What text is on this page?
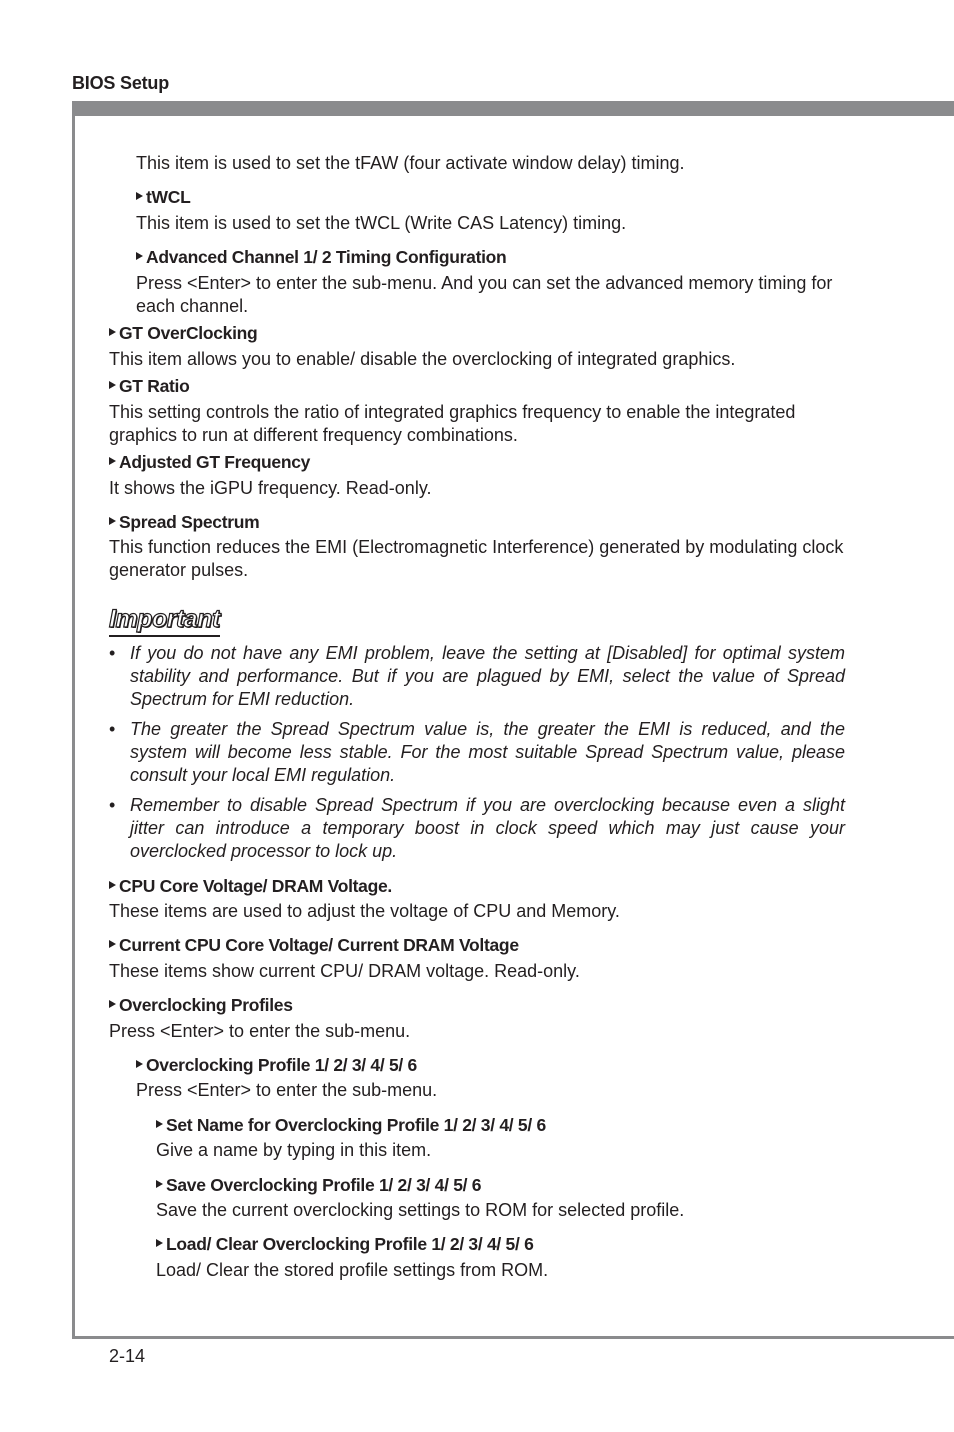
BIOS Setup
This item is used to set the tFAW (four activate window delay) timing.
tWCL
This item is used to set the tWCL (Write CAS Latency) timing.
Advanced Channel 1/ 2 Timing Configuration
Press <Enter> to enter the sub-menu. And you can set the advanced memory timing for each channel.
GT OverClocking
This item allows you to enable/ disable the overclocking of integrated graphics.
GT Ratio
This setting controls the ratio of integrated graphics frequency to enable the integrated graphics to run at different frequency combinations.
Adjusted GT Frequency
It shows the iGPU frequency. Read-only.
Spread Spectrum
This function reduces the EMI (Electromagnetic Interference) generated by modulating clock generator pulses.
Important
• If you do not have any EMI problem, leave the setting at [Disabled] for optimal system stability and performance. But if you are plagued by EMI, select the value of Spread Spectrum for EMI reduction.
• The greater the Spread Spectrum value is, the greater the EMI is reduced, and the system will become less stable. For the most suitable Spread Spectrum value, please consult your local EMI regulation.
• Remember to disable Spread Spectrum if you are overclocking because even a slight jitter can introduce a temporary boost in clock speed which may just cause your overclocked processor to lock up.
CPU Core Voltage/ DRAM Voltage.
These items are used to adjust the voltage of CPU and Memory.
Current CPU Core Voltage/ Current DRAM Voltage
These items show current CPU/ DRAM voltage. Read-only.
Overclocking Profiles
Press <Enter> to enter the sub-menu.
Overclocking Profile 1/ 2/ 3/ 4/ 5/ 6
Press <Enter> to enter the sub-menu.
Set Name for Overclocking Profile 1/ 2/ 3/ 4/ 5/ 6
Give a name by typing in this item.
Save Overclocking Profile 1/ 2/ 3/ 4/ 5/ 6
Save the current overclocking settings to ROM for selected profile.
Load/ Clear Overclocking Profile 1/ 2/ 3/ 4/ 5/ 6
Load/ Clear the stored profile settings from ROM.
2-14
